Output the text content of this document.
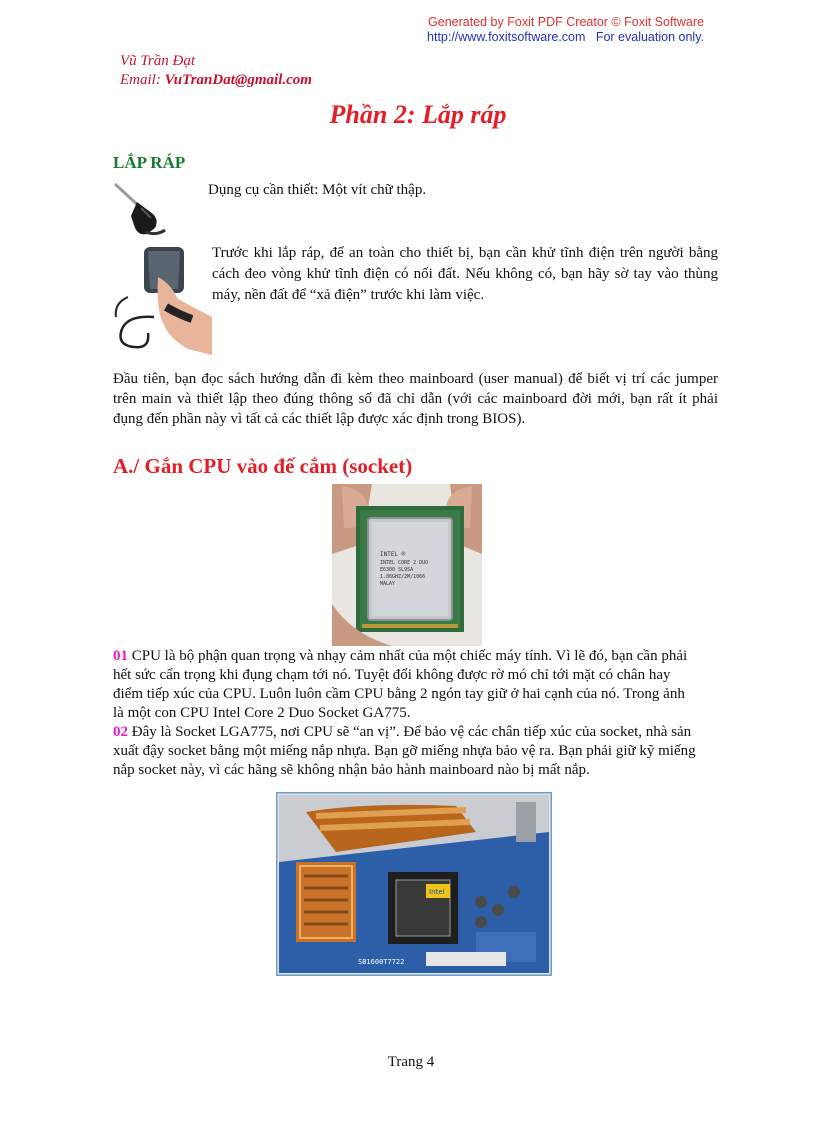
Generated by Foxit PDF Creator © Foxit Software
http://www.foxitsoftware.com For evaluation only.
Vũ Trần Đạt
Email: VuTranDat@gmail.com
Phần 2: Lắp ráp
LẮP RÁP
Dụng cụ cần thiết: Một vít chữ thập.
Trước khi lắp ráp, để an toàn cho thiết bị, bạn cần khử tĩnh điện trên người bằng cách đeo vòng khử tĩnh điện có nối đất. Nếu không có, bạn hãy sờ tay vào thùng máy, nền đất để “xả điện” trước khi làm việc.
Đầu tiên, bạn đọc sách hướng dẫn đi kèm theo mainboard (user manual) để biết vị trí các jumper trên main và thiết lập theo đúng thông số đã chỉ dẫn (với các mainboard đời mới, bạn rất ít phải đụng đến phần này vì tất cả các thiết lập được xác định trong BIOS).
A./ Gắn CPU vào đế cắm (socket)
INTEL ®
INTEL CORE 2 DUO
E6300 SL9SA
1.86GHZ/2M/1066
MALAY
01 CPU là bộ phận quan trọng và nhạy cảm nhất của một chiếc máy tính. Vì lẽ đó, bạn cần phải hết sức cẩn trọng khi đụng chạm tới nó. Tuyệt đối không được rờ mó chỉ tới mặt có chân hay điểm tiếp xúc của CPU. Luôn luôn cầm CPU bằng 2 ngón tay giữ ở hai cạnh của nó. Trong ảnh là một con CPU Intel Core 2 Duo Socket GA775.
02 Đây là Socket LGA775, nơi CPU sẽ “an vị”. Để bảo vệ các chân tiếp xúc của socket, nhà sản xuất đậy socket bằng một miếng nắp nhựa. Bạn gỡ miếng nhựa bảo vệ ra. Bạn phải giữ kỹ miếng nắp socket này, vì các hãng sẽ không nhận bảo hành mainboard nào bị mất nắp.
Intel
SB1600T7722
Trang 4
